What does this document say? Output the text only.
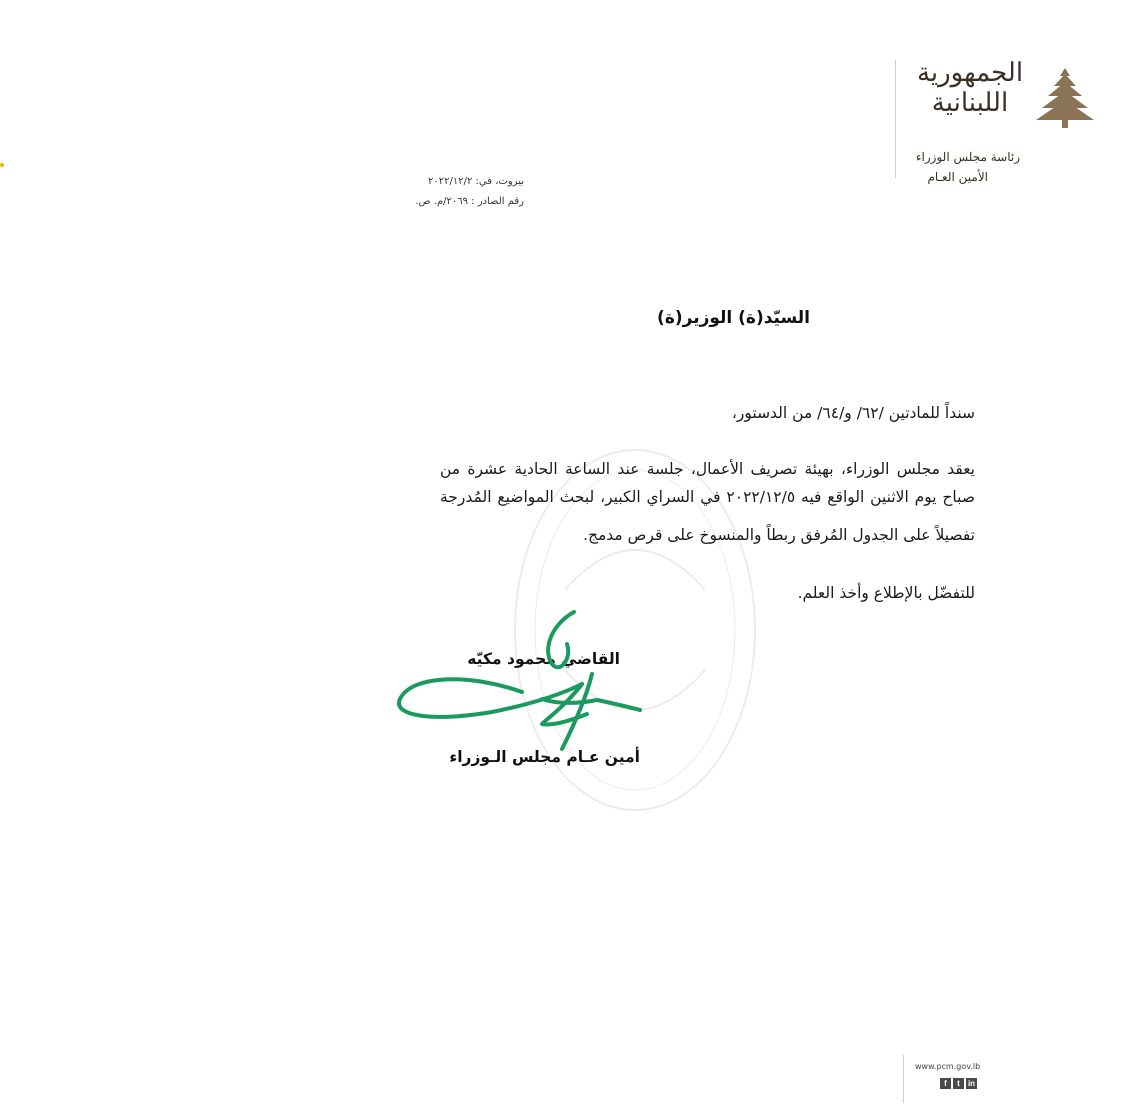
الجمهورية اللبنانية
رئاسة مجلس الوزراء
الأمين العـام
بيروت، في: ٢٠٢٢/١٢/٢
رقم الصادر : ٢٠٦٩/م. ص.
السيّد(ة) الوزير(ة)
سنداً للمادتين /٦٢/ و/٦٤/ من الدستور،
يعقد مجلس الوزراء، بهيئة تصريف الأعمال، جلسة عند الساعة الحادية عشرة من
صباح يوم الاثنين الواقع فيه ٢٠٢٢/١٢/٥ في السراي الكبير، لبحث المواضيع المُدرجة
تفصيلاً على الجدول المُرفق ربطاً والمنسوخ على قرص مدمج.
للتفضّل بالإطلاع وأخذ العلم.
القاضي محمود مكيّه
أمين عـام مجلس الـوزراء
www.pcm.gov.lb
f	t	in
